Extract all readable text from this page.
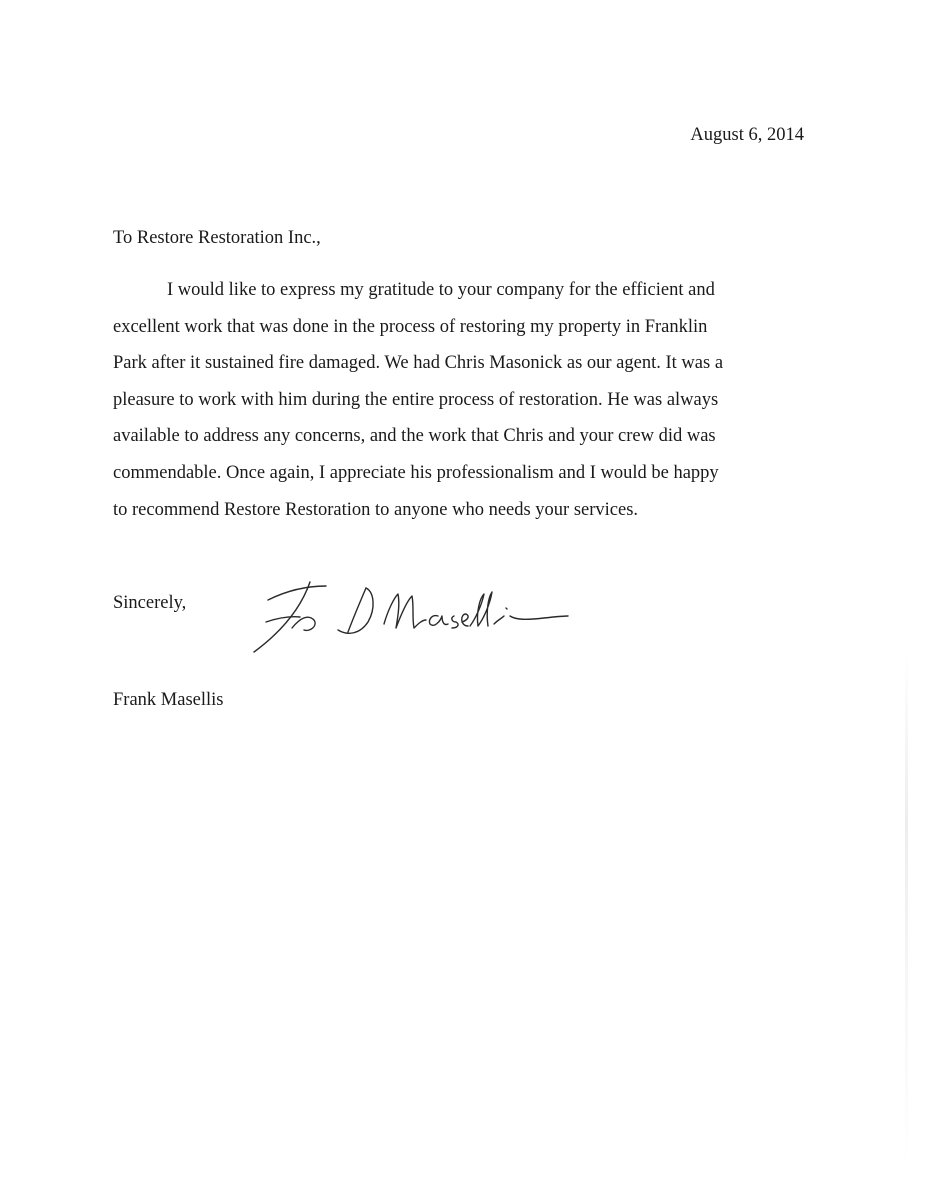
August 6, 2014
To Restore Restoration Inc.,
I would like to express my gratitude to your company for the efficient and
excellent work that was done in the process of restoring my property in Franklin
Park after it sustained fire damaged. We had Chris Masonick as our agent. It was a
pleasure to work with him during the entire process of restoration. He was always
available to address any concerns, and the work that Chris and your crew did was
commendable. Once again, I appreciate his professionalism and I would be happy
to recommend Restore Restoration to anyone who needs your services.
Sincerely,
Frank Masellis
